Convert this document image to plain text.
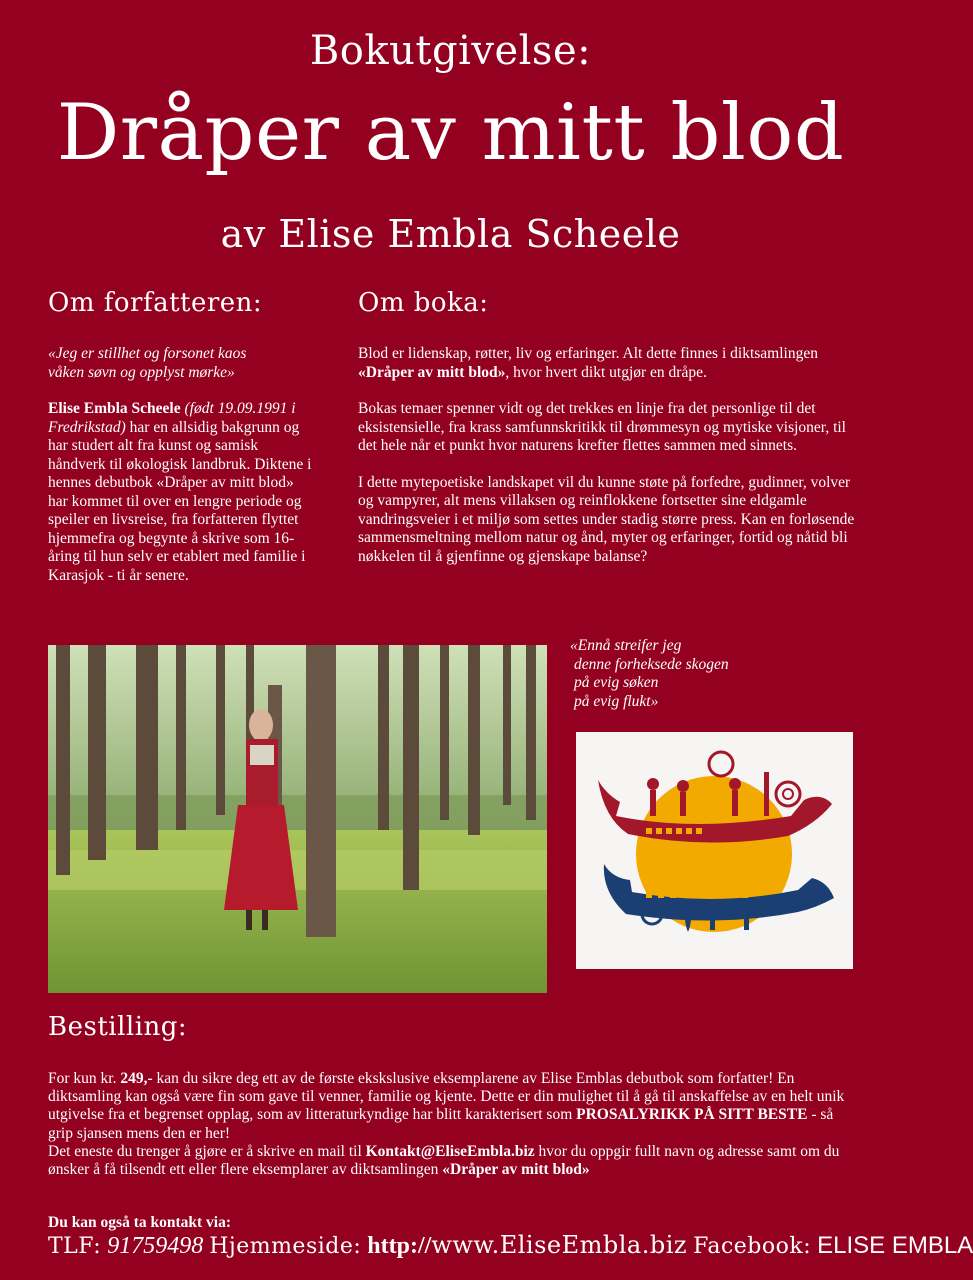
Bokutgivelse:
Dråper av mitt blod
av Elise Embla Scheele
Om forfatteren:	Om boka:

«Jeg er stillhet og forsonet kaos
våken søvn og opplyst mørke»

Elise Embla Scheele (født 19.09.1991 i Fredrikstad) har en allsidig bakgrunn og har studert alt fra kunst og samisk håndverk til økologisk landbruk. Diktene i hennes debutbok «Dråper av mitt blod» har kommet til over en lengre periode og speiler en livsreise, fra forfatteren flyttet hjemmefra og begynte å skrive som 16-åring til hun selv er etablert med familie i Karasjok - ti år senere.

Blod er lidenskap, røtter, liv og erfaringer. Alt dette finnes i diktsamlingen «Dråper av mitt blod», hvor hvert dikt utgjør en dråpe.

Bokas temaer spenner vidt og det trekkes en linje fra det personlige til det eksistensielle, fra krass samfunnskritikk til drømmesyn og mytiske visjoner, til det hele når et punkt hvor naturens krefter flettes sammen med sinnets.

I dette mytepoetiske landskapet vil du kunne støte på forfedre, gudinner, volver og vampyrer, alt mens villaksen og reinflokkene fortsetter sine eldgamle vandringsveier i et miljø som settes under stadig større press. Kan en forløsende sammensmeltning mellom natur og ånd, myter og erfaringer, fortid og nåtid bli nøkkelen til å gjenfinne og gjenskape balanse?

«Ennå streifer jeg
denne forheksede skogen
på evig søken
på evig flukt»
Bestilling:
For kun kr. 249,- kan du sikre deg ett av de første ekskslusive eksemplarene av Elise Emblas debutbok som forfatter! En diktsamling kan også være fin som gave til venner, familie og kjente. Dette er din mulighet til å gå til anskaffelse av en helt unik utgivelse fra et begrenset opplag, som av litteraturkyndige har blitt karakterisert som PROSALYRIKK PÅ SITT BESTE - så grip sjansen mens den er her!
Det eneste du trenger å gjøre er å skrive en mail til Kontakt@EliseEmbla.biz hvor du oppgir fullt navn og adresse samt om du ønsker å få tilsendt ett eller flere eksemplarer av diktsamlingen «Dråper av mitt blod»
Du kan også ta kontakt via:
TLF: 91759498 Hjemmeside: http://www.EliseEmbla.biz Facebook: ELISE EMBLA
